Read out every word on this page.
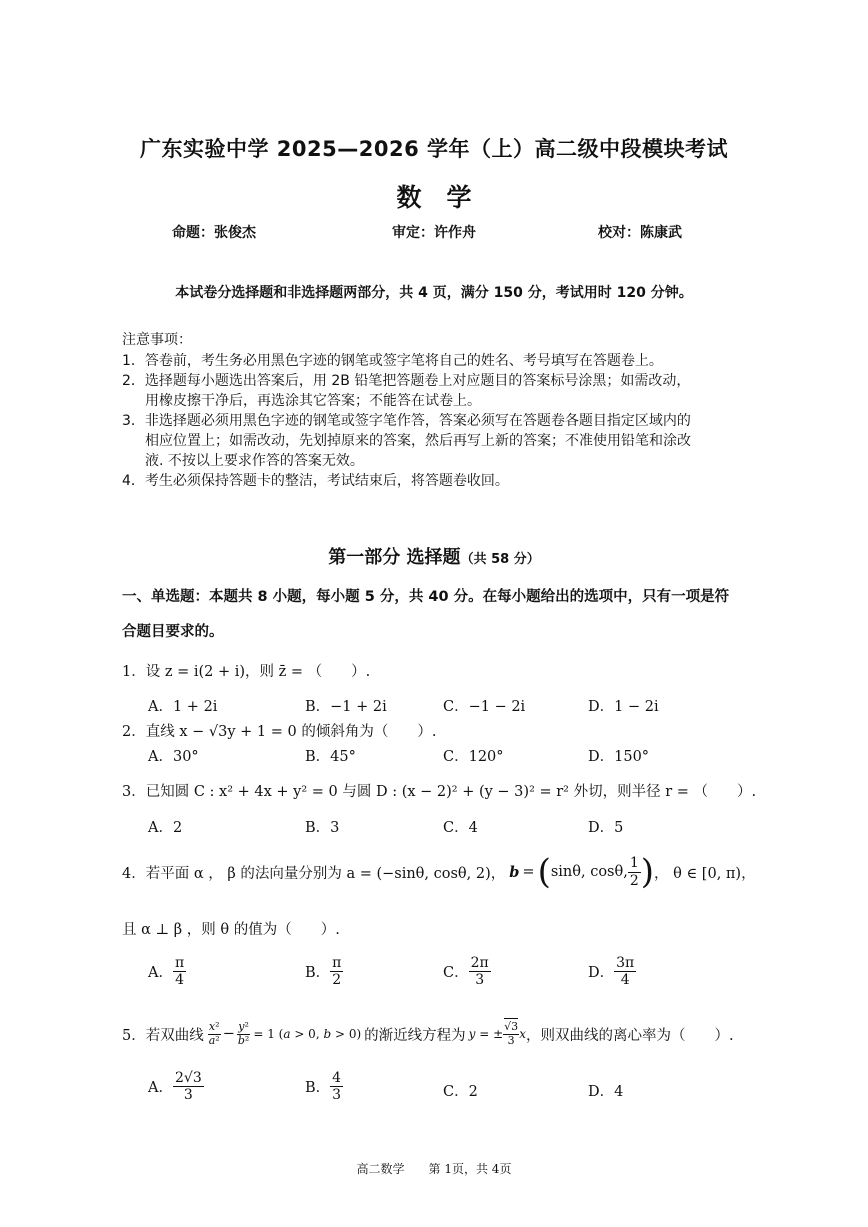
广东实验中学 2025—2026 学年（上）高二级中段模块考试
数　学
命题：张俊杰	审定：许作舟	校对：陈康武
本试卷分选择题和非选择题两部分，共 4 页，满分 150 分，考试用时 120 分钟。
注意事项：
1．答卷前，考生务必用黑色字迹的钢笔或签字笔将自己的姓名、考号填写在答题卷上。
2．选择题每小题选出答案后，用 2B 铅笔把答题卷上对应题目的答案标号涂黑；如需改动，
用橡皮擦干净后，再选涂其它答案；不能答在试卷上。
3．非选择题必须用黑色字迹的钢笔或签字笔作答，答案必须写在答题卷各题目指定区域内的
相应位置上；如需改动，先划掉原来的答案，然后再写上新的答案；不准使用铅笔和涂改
液. 不按以上要求作答的答案无效。
4．考生必须保持答题卡的整洁，考试结束后，将答题卷收回。
第一部分 选择题（共 58 分）
一、单选题：本题共 8 小题，每小题 5 分，共 40 分。在每小题给出的选项中，只有一项是符
合题目要求的。
1．设 z = i(2 + i)，则 z̄ = （　　）.
A．1 + 2i	B．−1 + 2i	C．−1 − 2i	D．1 − 2i
2．直线 x − √3y + 1 = 0 的倾斜角为（　　）.
A．30°	B．45°	C．120°	D．150°
3．已知圆 C : x² + 4x + y² = 0 与圆 D : (x − 2)² + (y − 3)² = r² 外切，则半径 r = （　　）.
A．2	B．3	C．4	D．5
4．若平面 α ， β 的法向量分别为 a = (−sinθ, cosθ, 2)， b = ( sinθ, cosθ, $\frac{1}{2}$ ) ， θ ∈ [0, π)，
且 α ⊥ β ，则 θ 的值为（　　）.
A． $\frac{\pi}{4}$	B． $\frac{\pi}{2}$	C． $\frac{2\pi}{3}$	D． $\frac{3\pi}{4}$
5．若双曲线
x²
$a^2 - \frac{\text{y²}}{\text{b²}} = 1$ (a > 0, b > 0) 的渐近线方程为 y = ± $\frac{√3}{3}$ x ，则双曲线的离心率为（　　）.
A． $\frac{2√3}{3}$	B． $\frac{4}{3}$	C．2	D．4
高二数学　　第 1页，共 4页
